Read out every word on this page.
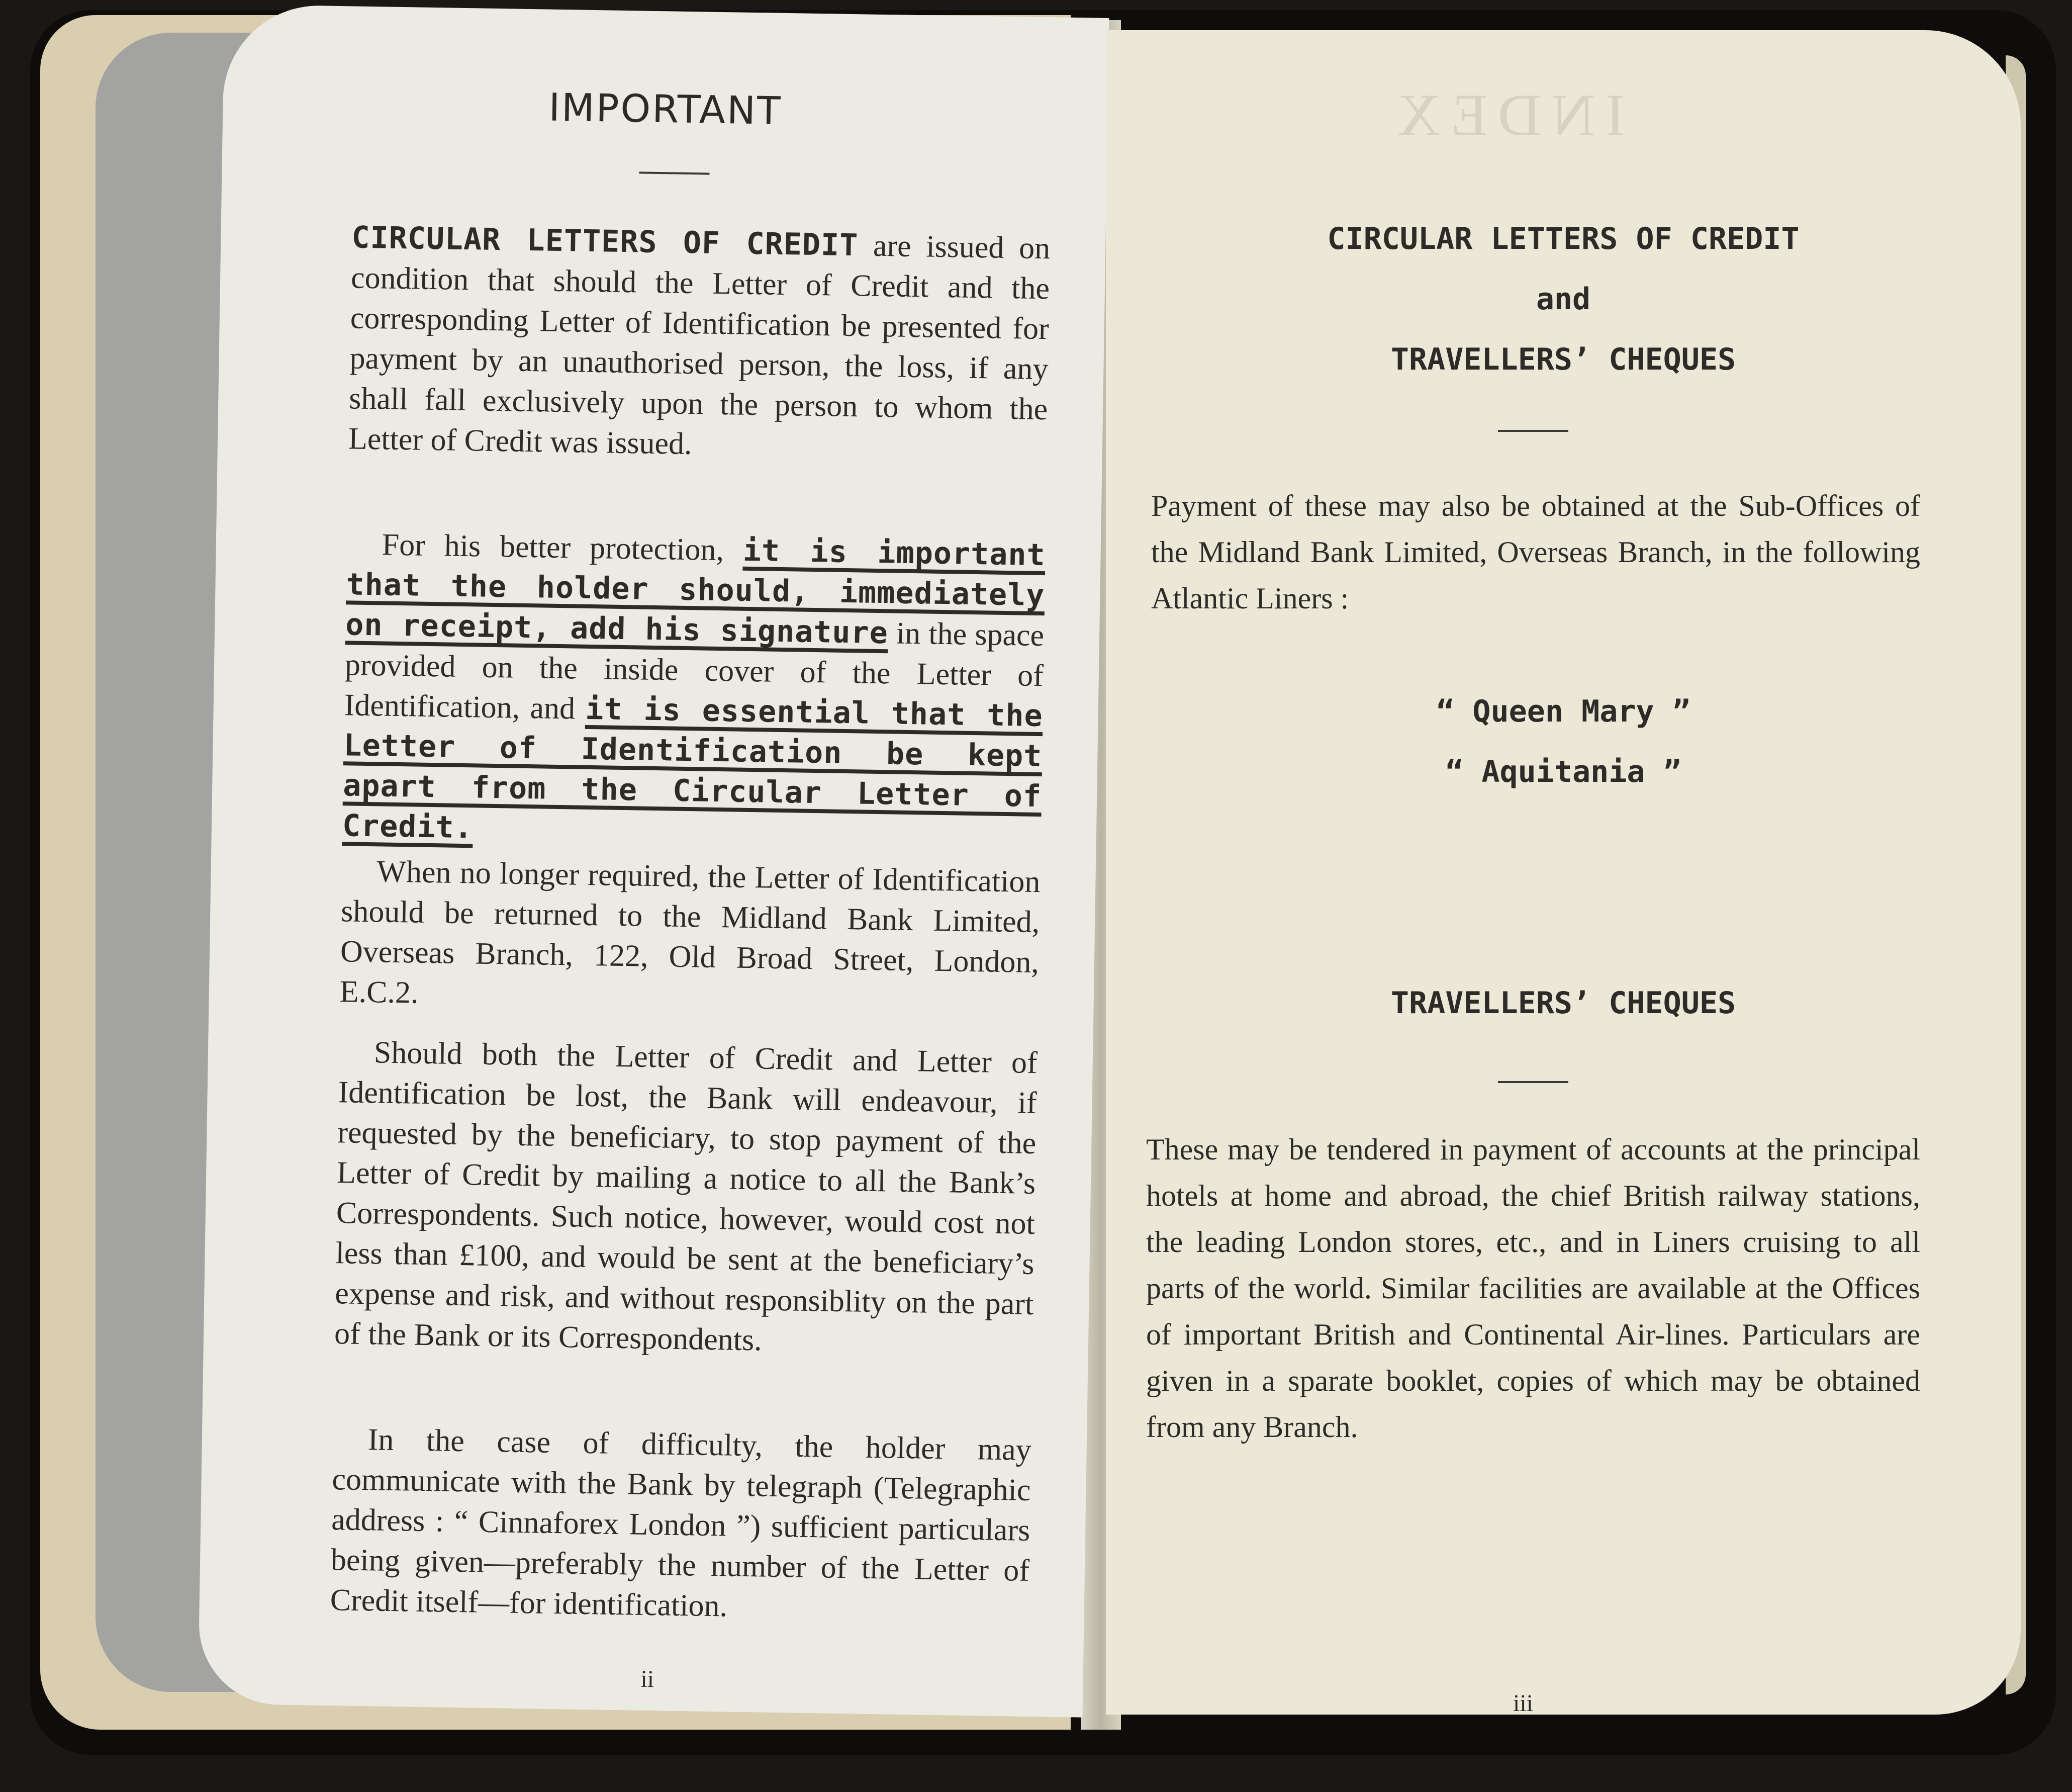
IMPORTANT
CIRCULAR LETTERS OF CREDIT are issued on condition that should the Letter of Credit and the corresponding Letter of Identification be presented for payment by an unauthorised person, the loss, if any shall fall exclusively upon the person to whom the Letter of Credit was issued.
For his better protection, it is important that the holder should, immediately on receipt, add his signature in the space provided on the inside cover of the Letter of Identification, and it is essential that the Letter of Identification be kept apart from the Circular Letter of Credit.
When no longer required, the Letter of Identification should be returned to the Midland Bank Limited, Overseas Branch, 122, Old Broad Street, London, E.C.2.
Should both the Letter of Credit and Letter of Identification be lost, the Bank will endeavour, if requested by the beneficiary, to stop payment of the Letter of Credit by mailing a notice to all the Bank’s Correspondents. Such notice, however, would cost not less than £100, and would be sent at the beneficiary’s expense and risk, and without responsiblity on the part of the Bank or its Correspondents.
In the case of difficulty, the holder may communicate with the Bank by telegraph (Telegraphic address : “ Cinnaforex London ”) sufficient particulars being given—preferably the number of the Letter of Credit itself—for identification.
ii
INDEX
CIRCULAR LETTERS OF CREDIT
and
TRAVELLERS’ CHEQUES
Payment of these may also be obtained at the Sub-Offices of the Midland Bank Limited, Overseas Branch, in the following Atlantic Liners :
“ Queen Mary ”
“ Aquitania ”
TRAVELLERS’ CHEQUES
These may be tendered in payment of accounts at the principal hotels at home and abroad, the chief British railway stations, the leading London stores, etc., and in Liners cruising to all parts of the world. Similar facilities are available at the Offices of important British and Continental Air-lines. Particulars are given in a sparate booklet, copies of which may be obtained from any Branch.
iii
